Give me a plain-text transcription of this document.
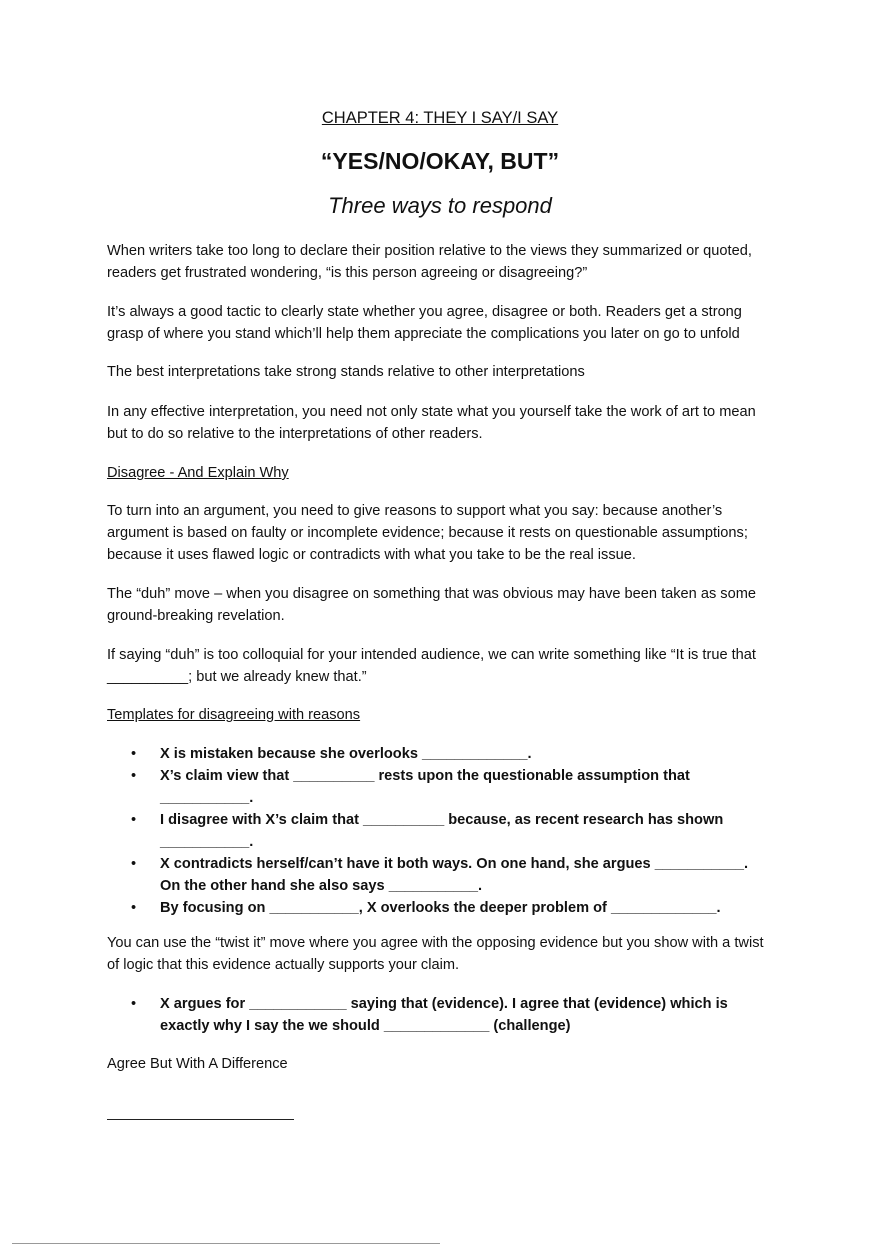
CHAPTER 4: THEY I SAY/I SAY
“YES/NO/OKAY, BUT”
Three ways to respond

When writers take too long to declare their position relative to the views they summarized or quoted, readers get frustrated wondering, “is this person agreeing or disagreeing?”

It’s always a good tactic to clearly state whether you agree, disagree or both. Readers get a strong grasp of where you stand which’ll help them appreciate the complications you later on go to unfold

The best interpretations take strong stands relative to other interpretations

In any effective interpretation, you need not only state what you yourself take the work of art to mean but to do so relative to the interpretations of other readers.

Disagree - And Explain Why

To turn into an argument, you need to give reasons to support what you say: because another’s argument is based on faulty or incomplete evidence; because it rests on questionable assumptions; because it uses flawed logic or contradicts with what you take to be the real issue.

The “duh” move – when you disagree on something that was obvious may have been taken as some ground-breaking revelation.

If saying “duh” is too colloquial for your intended audience, we can write something like “It is true that __________; but we already knew that.”

Templates for disagreeing with reasons

• X is mistaken because she overlooks _____________.
• X’s claim view that __________ rests upon the questionable assumption that ___________.
• I disagree with X’s claim that __________ because, as recent research has shown ___________.
• X contradicts herself/can’t have it both ways. On one hand, she argues ___________. On the other hand she also says ___________.
• By focusing on ___________, X overlooks the deeper problem of _____________.

You can use the “twist it” move where you agree with the opposing evidence but you show with a twist of logic that this evidence actually supports your claim.

• X argues for ____________ saying that (evidence). I agree that (evidence) which is exactly why I say the we should _____________ (challenge)

Agree But With A Difference
